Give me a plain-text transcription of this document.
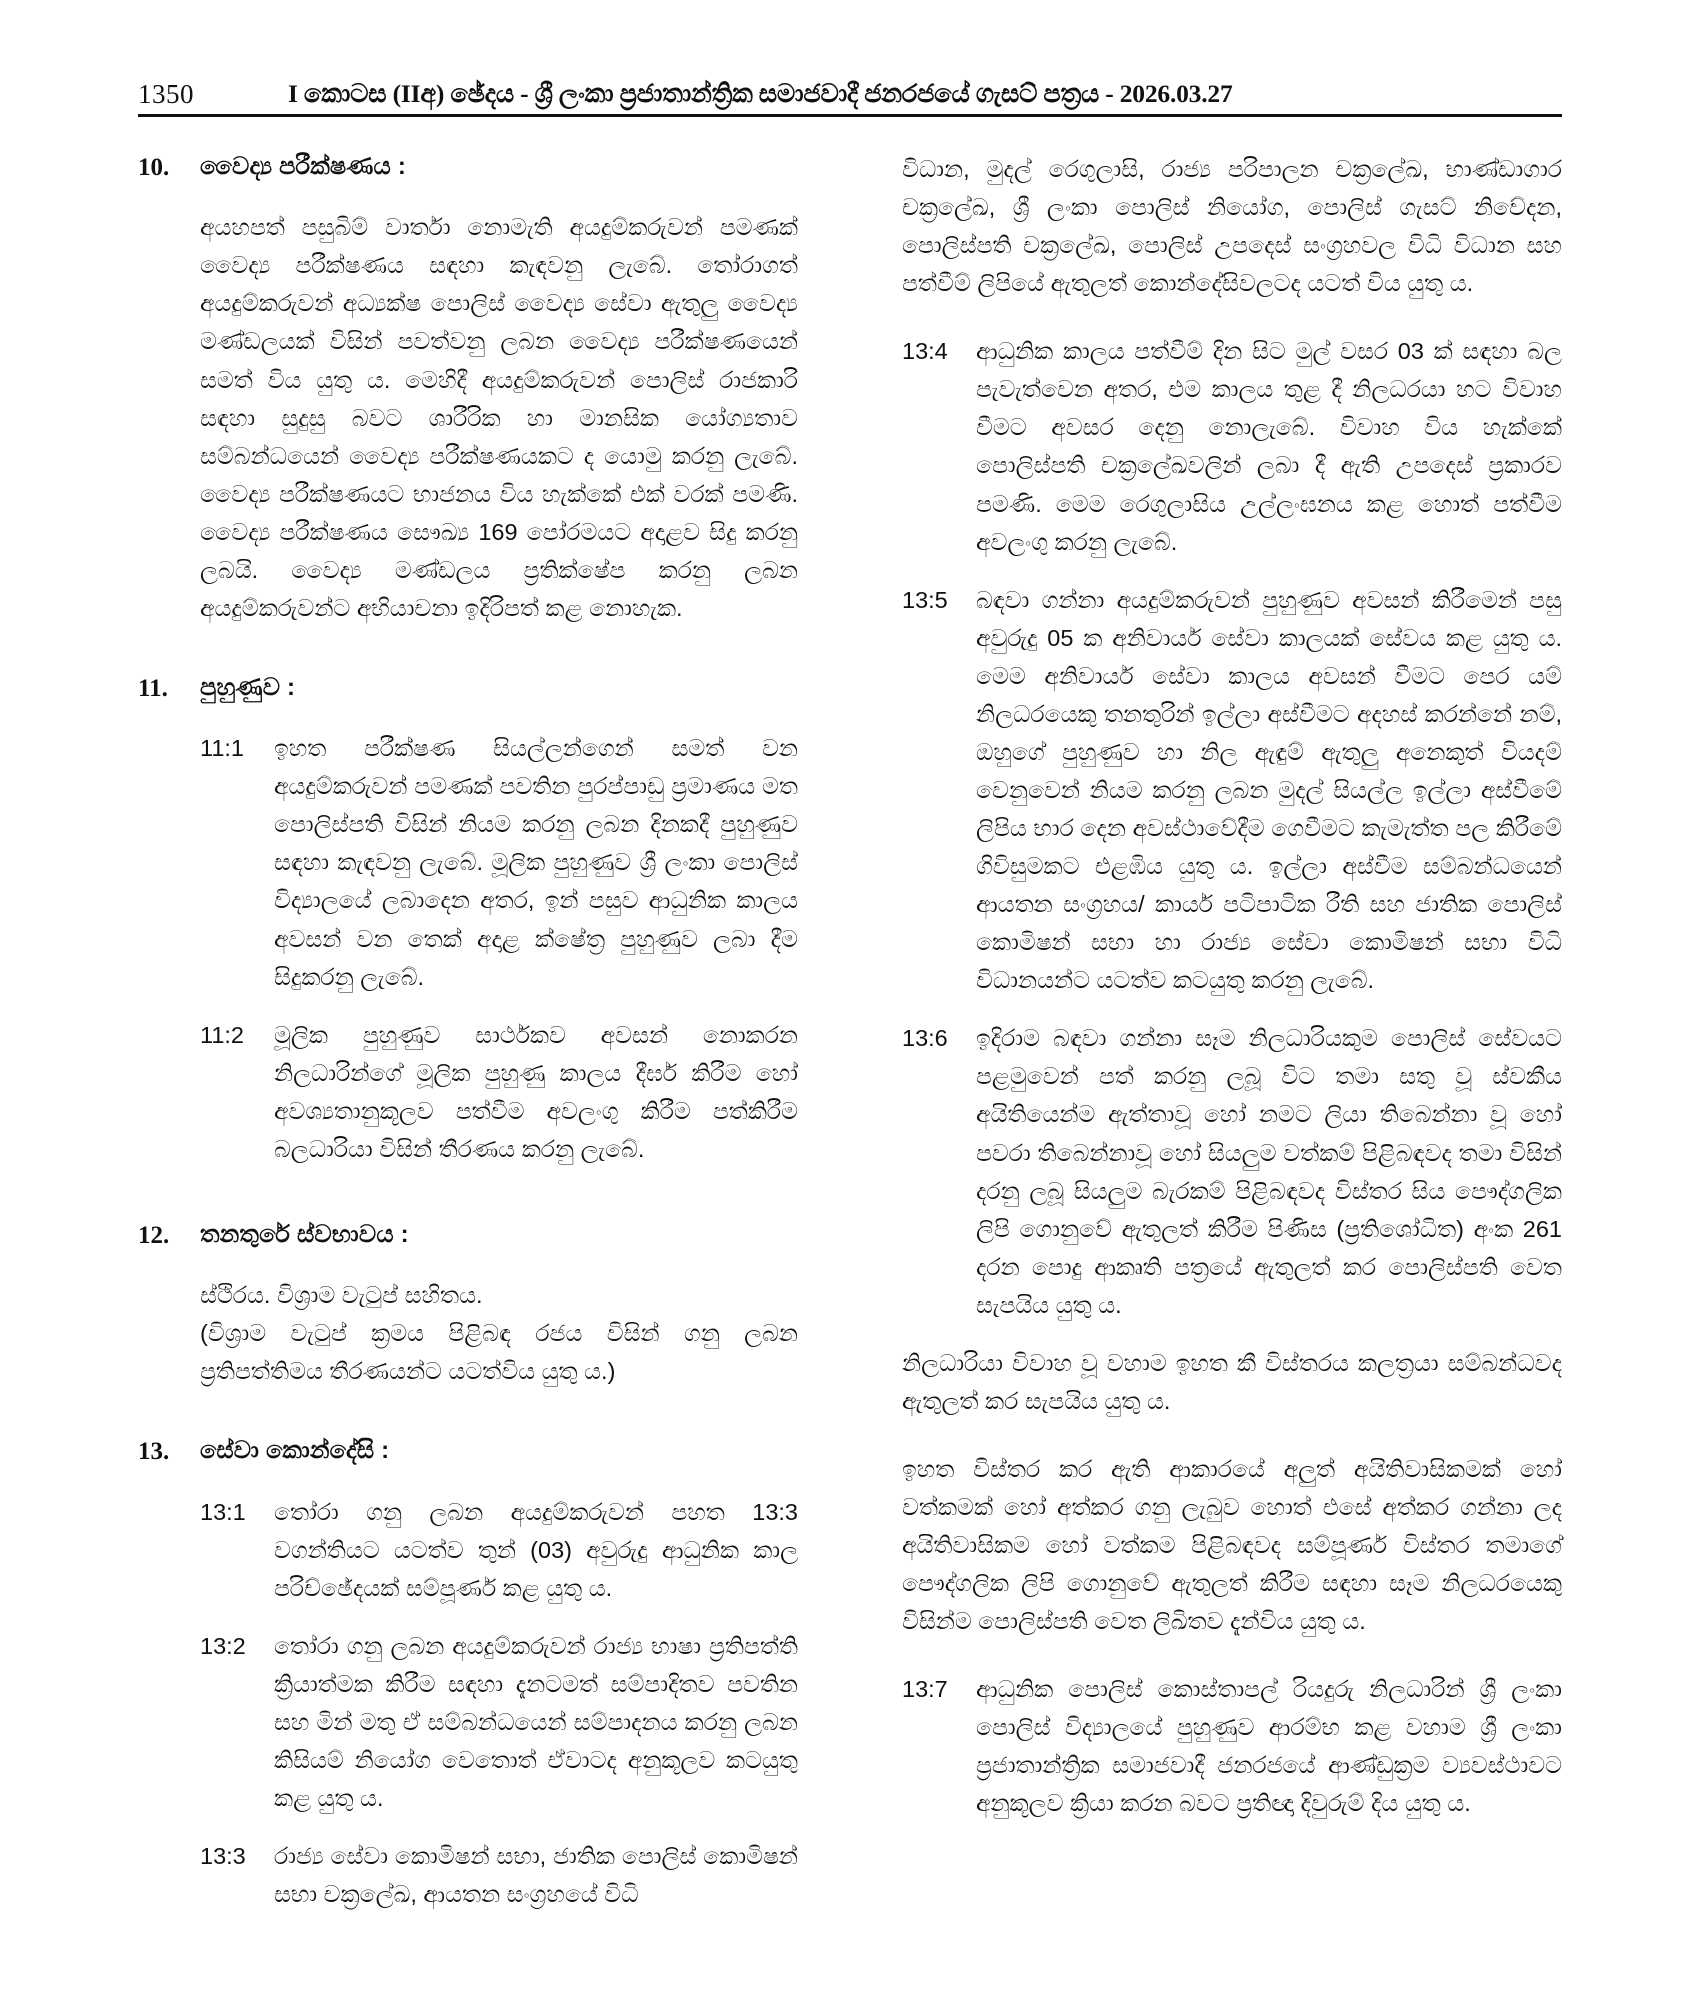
1350	I කොටස (IIඅ) ඡේදය - ශ්‍රී ලංකා ප්‍රජාතාන්ත්‍රික සමාජවාදී ජනරජයේ ගැසට් පත්‍රය - 2026.03.27
10.	වෛද්‍ය පරීක්ෂණය :
අයහපත් පසුබිම් වාර්තා නොමැති අයදුම්කරුවන් පමණක් වෛද්‍ය පරීක්ෂණය සඳහා කැඳවනු ලැබේ. තෝරාගත් අයදුම්කරුවන් අධ්‍යක්ෂ පොලිස් වෛද්‍ය සේවා ඇතුලු වෛද්‍ය මණ්ඩලයක් විසින් පවත්වනු ලබන වෛද්‍ය පරීක්ෂණයෙන් සමත් විය යුතු ය. මෙහිදී අයදුම්කරුවන් පොලිස් රාජකාරි සඳහා සුදුසු බවට ශාරීරික හා මානසික යෝග්‍යතාව සම්බන්ධයෙන් වෛද්‍ය පරීක්ෂණයකට ද යොමු කරනු ලැබේ. වෛද්‍ය පරීක්ෂණයට භාජනය විය හැක්කේ එක් වරක් පමණි. වෛද්‍ය පරීක්ෂණය සෞඛ්‍ය 169 පෝරමයට අදාළව සිදු කරනු ලබයි. වෛද්‍ය මණ්ඩලය ප්‍රතික්ෂේප කරනු ලබන අයදුම්කරුවන්ට අභියාචනා ඉදිරිපත් කළ නොහැක.
11.	පුහුණුව :
11:1	ඉහත පරීක්ෂණ සියල්ලන්ගෙන් සමත් වන අයදුම්කරුවන් පමණක් පවතින පුරප්පාඩු ප්‍රමාණය මත පොලිස්පති විසින් නියම කරනු ලබන දිනකදී පුහුණුව සඳහා කැඳවනු ලැබේ. මූලික පුහුණුව ශ්‍රී ලංකා පොලිස් විද්‍යාලයේ ලබාදෙන අතර, ඉන් පසුව ආධුනික කාලය අවසන් වන තෙක් අදාළ ක්ෂේත්‍ර පුහුණුව ලබා දීම සිදුකරනු ලැබේ.
11:2	මූලික පුහුණුව සාර්ථකව අවසන් නොකරන නිලධාරින්ගේ මූලික පුහුණු කාලය දීර්ඝ කිරීම හෝ අවශ්‍යතානුකූලව පත්වීම අවලංගු කිරීම පත්කිරීම බලධාරියා විසින් තීරණය කරනු ලැබේ.
12.	තනතුරේ ස්වභාවය :
ස්ථිරය. විශ්‍රාම වැටුප් සහිතය.
(විශ්‍රාම වැටුප් ක්‍රමය පිළිබඳ රජය විසින් ගනු ලබන ප්‍රතිපත්තිමය තීරණයන්ට යටත්විය යුතු ය.)
13.	සේවා කොන්දේසි :
13:1	තෝරා ගනු ලබන අයදුම්කරුවන් පහත 13:3 වගන්තියට යටත්ව තුන් (03) අවුරුදු ආධුනික කාල පරිච්ඡේදයක් සම්පූර්ණ කළ යුතු ය.
13:2	තෝරා ගනු ලබන අයදුම්කරුවන් රාජ්‍ය භාෂා ප්‍රතිපත්ති ක්‍රියාත්මක කිරීම සඳහා දැනටමත් සම්පාදිතව පවතින සහ මින් මතු ඒ සම්බන්ධයෙන් සම්පාදනය කරනු ලබන කිසියම් නියෝග වෙතොත් ඒවාටද අනුකූලව කටයුතු කළ යුතු ය.
13:3	රාජ්‍ය සේවා කොමිෂන් සභා, ජාතික පොලිස් කොමිෂන් සභා චක්‍රලේඛ, ආයතන සංග්‍රහයේ විධි
විධාන, මුදල් රෙගුලාසි, රාජ්‍ය පරිපාලන චක්‍රලේඛ, භාණ්ඩාගාර චක්‍රලේඛ, ශ්‍රී ලංකා පොලිස් නියෝග, පොලිස් ගැසට් නිවේදන, පොලිස්පති චක්‍රලේඛ, පොලිස් උපදෙස් සංග්‍රහවල විධි විධාන සහ පත්වීම් ලිපියේ ඇතුලත් කොන්දේසිවලටද යටත් විය යුතු ය.
13:4	ආධුනික කාලය පත්වීම් දින සිට මුල් වසර 03 ක් සඳහා බල පැවැත්වෙන අතර, එම කාලය තුළ දී නිලධරයා හට විවාහ වීමට අවසර දෙනු නොලැබේ. විවාහ විය හැක්කේ පොලිස්පති චක්‍රලේඛවලින් ලබා දී ඇති උපදෙස් ප්‍රකාරව පමණි. මෙම රෙගුලාසිය උල්ලංඝනය කළ හොත් පත්වීම අවලංගු කරනු ලැබේ.
13:5	බඳවා ගන්නා අයදුම්කරුවන් පුහුණුව අවසන් කිරීමෙන් පසු අවුරුදු 05 ක අනිවාර්ය සේවා කාලයක් සේවය කළ යුතු ය. මෙම අනිවාර්ය සේවා කාලය අවසන් වීමට පෙර යම් නිලධරයෙකු තනතුරින් ඉල්ලා අස්වීමට අදහස් කරන්නේ නම්, ඔහුගේ පුහුණුව හා නිල ඇඳුම් ඇතුලු අනෙකුත් වියදම් වෙනුවෙන් නියම කරනු ලබන මුදල් සියල්ල ඉල්ලා අස්වීමේ ලිපිය භාර දෙන අවස්ථාවේදීම ගෙවීමට කැමැත්ත පල කිරීමේ ගිවිසුමකට එළඹිය යුතු ය. ඉල්ලා අස්වීම සම්බන්ධයෙන් ආයතන සංග්‍රහය/ කාර්ය පටිපාටික රීති සහ ජාතික පොලිස් කොමිෂන් සභා හා රාජ්‍ය සේවා කොමිෂන් සභා විධි විධානයන්ට යටත්ව කටයුතු කරනු ලැබේ.
13:6	ඉදිරාම බඳවා ගන්නා සෑම නිලධාරියකුම පොලිස් සේවයට පළමුවෙන් පත් කරනු ලබූ විට තමා සතු වූ ස්වකීය අයිතියෙන්ම ඇත්තාවූ හෝ නමට ලියා තිබෙන්නා වූ හෝ පවරා තිබෙන්නාවූ හෝ සියලුම වත්කම් පිළිබඳවද තමා විසින් දරනු ලබූ සියලුම බැරකම් පිළිබඳවද විස්තර සිය පෞද්ගලික ලිපි ගොනුවේ ඇතුලත් කිරීම පිණිස (ප්‍රතිශෝධිත) අංක 261 දරන පොදු ආකෘති පත්‍රයේ ඇතුලත් කර පොලිස්පති වෙත සැපයිය යුතු ය.
නිලධාරියා විවාහ වූ වහාම ඉහත කී විස්තරය කලත්‍රයා සම්බන්ධවද ඇතුලත් කර සැපයිය යුතු ය.
ඉහත විස්තර කර ඇති ආකාරයේ අලුත් අයිතිවාසිකමක් හෝ වත්කමක් හෝ අත්කර ගනු ලැබුව හොත් එසේ අත්කර ගන්නා ලද අයිතිවාසිකම හෝ වත්කම පිළිබඳවද සම්පූර්ණ විස්තර තමාගේ පෞද්ගලික ලිපි ගොනුවේ ඇතුලත් කිරීම සඳහා සෑම නිලධරයෙකු විසින්ම පොලිස්පති වෙත ලිඛිතව දැන්විය යුතු ය.
13:7	ආධුනික පොලිස් කොස්තාපල් රියදුරු නිලධාරින් ශ්‍රී ලංකා පොලිස් විද්‍යාලයේ පුහුණුව ආරම්භ කළ වහාම ශ්‍රී ලංකා ප්‍රජාතාන්ත්‍රික සමාජවාදී ජනරජයේ ආණ්ඩුක්‍රම ව්‍යවස්ථාවට අනුකූලව ක්‍රියා කරන බවට ප්‍රතිඥා දිවුරුම් දිය යුතු ය.
